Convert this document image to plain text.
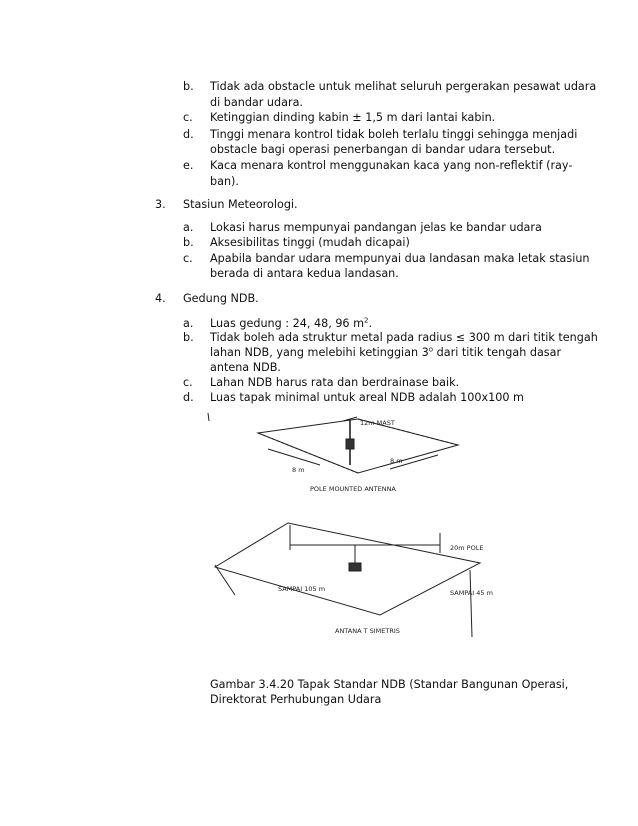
b. Tidak ada obstacle untuk melihat seluruh pergerakan pesawat udara
di bandar udara.
c. Ketinggian dinding kabin ± 1,5 m dari lantai kabin.
d. Tinggi menara kontrol tidak boleh terlalu tinggi sehingga menjadi
obstacle bagi operasi penerbangan di bandar udara tersebut.
e. Kaca menara kontrol menggunakan kaca yang non-reflektif (ray-
ban).
3. Stasiun Meteorologi.
a. Lokasi harus mempunyai pandangan jelas ke bandar udara
b. Aksesibilitas tinggi (mudah dicapai)
c. Apabila bandar udara mempunyai dua landasan maka letak stasiun
berada di antara kedua landasan.
4. Gedung NDB.
a. Luas gedung : 24, 48, 96 $m^2$.
b. Tidak boleh ada struktur metal pada radius ≤ 300 m dari titik tengah
lahan NDB, yang melebihi ketinggian 3$^o$ dari titik tengah dasar
antena NDB.
c. Lahan NDB harus rata dan berdrainase baik.
d. Luas tapak minimal untuk areal NDB adalah 100x100 m
12m MAST
8 m
8 m
POLE MOUNTED ANTENNA
20m POLE
SAMPAI 105 m	SAMPAI 45 m
ANTANA T SIMETRIS
Gambar 3.4.20 Tapak Standar NDB (Standar Bangunan Operasi,
Direktorat Perhubungan Udara
